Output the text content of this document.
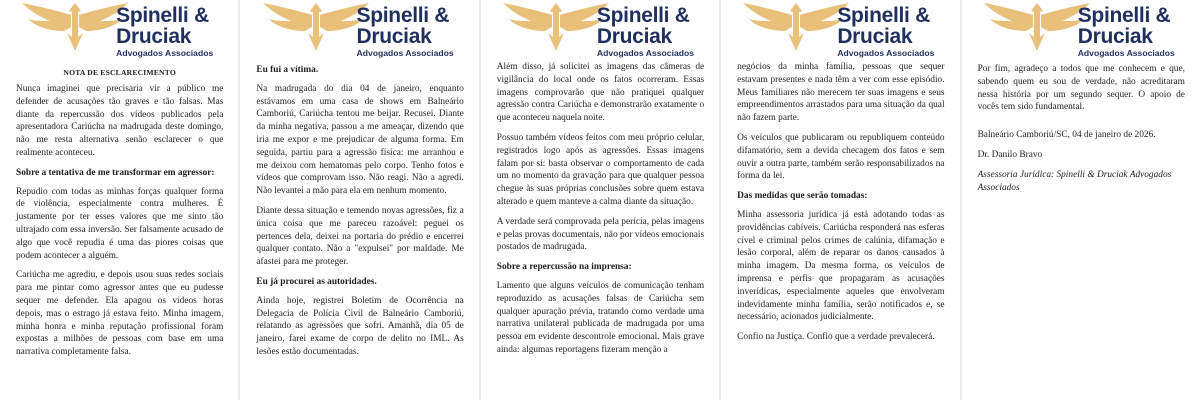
Spinelli &
Druciak
Advogados Associados
NOTA DE ESCLARECIMENTO

Nunca imaginei que precisaria vir a público me defender de acusações tão graves e tão falsas. Mas diante da repercussão dos vídeos publicados pela apresentadora Cariúcha na madrugada deste domingo, não me resta alternativa senão esclarecer o que realmente aconteceu.

Sobre a tentativa de me transformar em agressor:

Repudio com todas as minhas forças qualquer forma de violência, especialmente contra mulheres. É justamente por ter esses valores que me sinto tão ultrajado com essa inversão. Ser falsamente acusado de algo que você repudia é uma das piores coisas que podem acontecer a alguém.

Cariúcha me agrediu, e depois usou suas redes sociais para me pintar como agressor antes que eu pudesse sequer me defender. Ela apagou os vídeos horas depois, mas o estrago já estava feito. Minha imagem, minha honra e minha reputação profissional foram expostas a milhões de pessoas com base em uma narrativa completamente falsa.

Spinelli &
Druciak
Advogados Associados

Eu fui a vítima.

Na madrugada do dia 04 de janeiro, enquanto estávamos em uma casa de shows em Balneário Camboriú, Cariúcha tentou me beijar. Recusei. Diante da minha negativa, passou a me ameaçar, dizendo que iria me expor e me prejudicar de alguma forma. Em seguida, partiu para a agressão física: me arranhou e me deixou com hematomas pelo corpo. Tenho fotos e vídeos que comprovam isso. Não reagi. Não a agredi. Não levantei a mão para ela em nenhum momento.

Diante dessa situação e temendo novas agressões, fiz a única coisa que me pareceu razoável: peguei os pertences dela, deixei na portaria do prédio e encerrei qualquer contato. Não a "expulsei" por maldade. Me afastei para me proteger.

Eu já procurei as autoridades.

Ainda hoje, registrei Boletim de Ocorrência na Delegacia de Polícia Civil de Balneário Camboriú, relatando as agressões que sofri. Amanhã, dia 05 de janeiro, farei exame de corpo de delito no IML. As lesões estão documentadas.

Spinelli &
Druciak
Advogados Associados

Além disso, já solicitei as imagens das câmeras de vigilância do local onde os fatos ocorreram. Essas imagens comprovarão que não pratiquei qualquer agressão contra Cariúcha e demonstrarão exatamente o que aconteceu naquela noite.

Possuo também vídeos feitos com meu próprio celular, registrados logo após as agressões. Essas imagens falam por si: basta observar o comportamento de cada um no momento da gravação para que qualquer pessoa chegue às suas próprias conclusões sobre quem estava alterado e quem manteve a calma diante da situação.

A verdade será comprovada pela perícia, pelas imagens e pelas provas documentais, não por vídeos emocionais postados de madrugada.

Sobre a repercussão na imprensa:

Lamento que alguns veículos de comunicação tenham reproduzido as acusações falsas de Cariúcha sem qualquer apuração prévia, tratando como verdade uma narrativa unilateral publicada de madrugada por uma pessoa em evidente descontrole emocional. Mais grave ainda: algumas reportagens fizeram menção a

Spinelli &
Druciak
Advogados Associados

negócios da minha família, pessoas que sequer estavam presentes e nada têm a ver com esse episódio. Meus familiares não merecem ter suas imagens e seus empreendimentos arrastados para uma situação da qual não fazem parte.

Os veículos que publicaram ou republiquem conteúdo difamatório, sem a devida checagem dos fatos e sem ouvir a outra parte, também serão responsabilizados na forma da lei.

Das medidas que serão tomadas:

Minha assessoria jurídica já está adotando todas as providências cabíveis. Cariúcha responderá nas esferas cível e criminal pelos crimes de calúnia, difamação e lesão corporal, além de reparar os danos causados à minha imagem. Da mesma forma, os veículos de imprensa e perfis que propagaram as acusações inverídicas, especialmente aqueles que envolveram indevidamente minha família, serão notificados e, se necessário, acionados judicialmente.

Confio na Justiça. Confio que a verdade prevalecerá.

Spinelli &
Druciak
Advogados Associados

Por fim, agradeço a todos que me conhecem e que, sabendo quem eu sou de verdade, não acreditaram nessa história por um segundo sequer. O apoio de vocês tem sido fundamental.

Balneário Camboriú/SC, 04 de janeiro de 2026.

Dr. Danilo Bravo

Assessoria Jurídica: Spinelli & Druciak Advogados Associados
